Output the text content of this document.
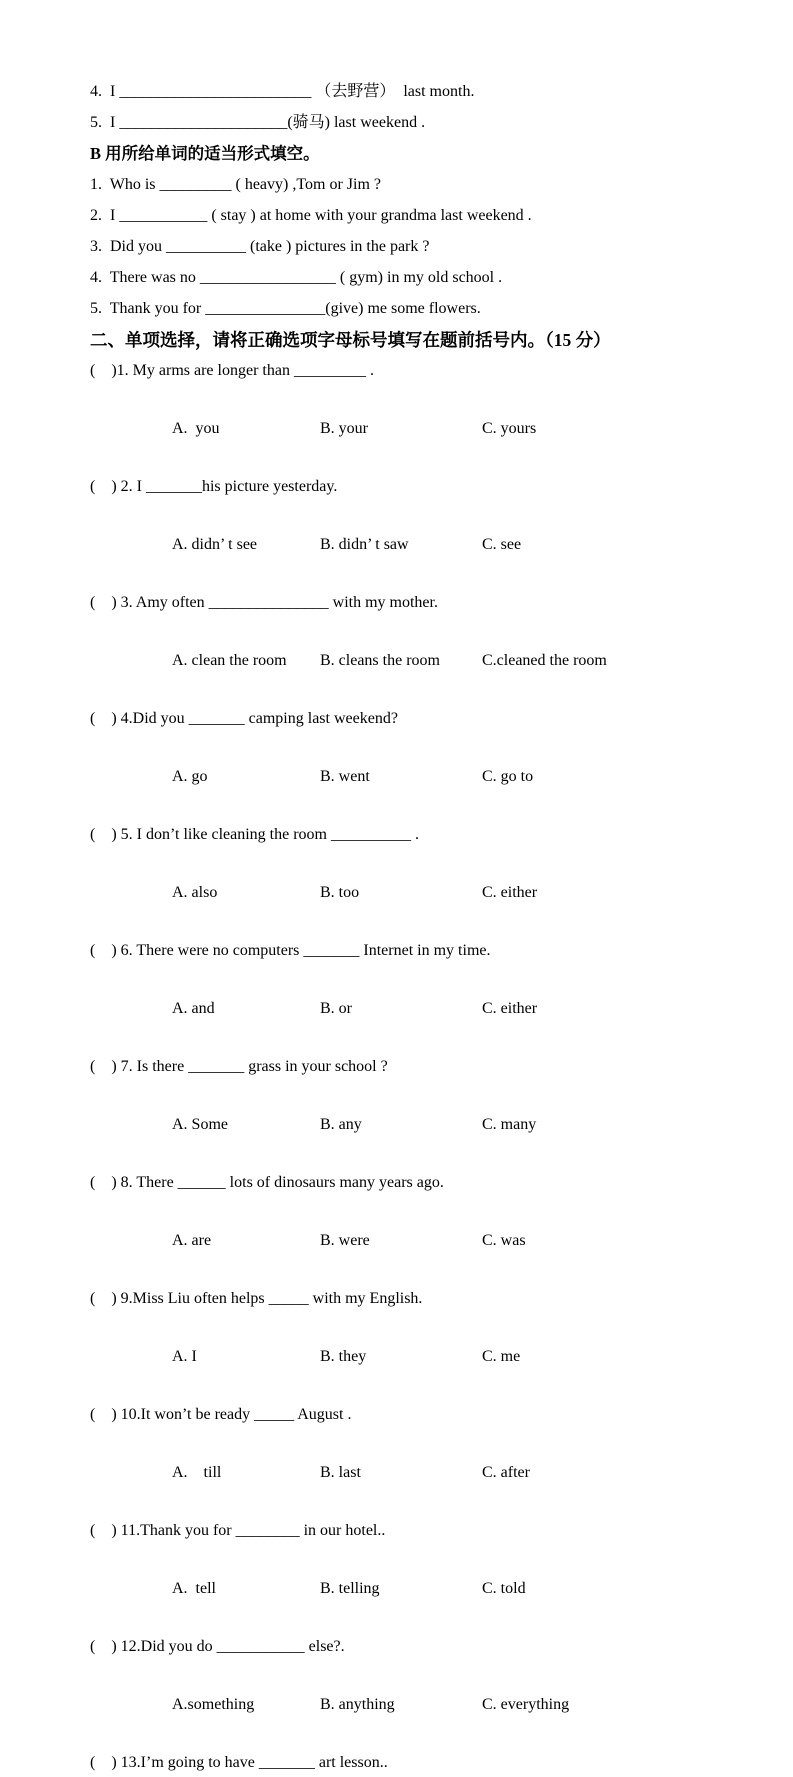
4.  I ________________________ （去野营）  last month.

5.  I _____________________(骑马) last weekend .

B 用所给单词的适当形式填空。

1.  Who is _________ ( heavy) ,Tom or Jim ?

2.  I ___________ ( stay ) at home with your grandma last weekend .

3.  Did you __________ (take ) pictures in the park ?

4.  There was no _________________ ( gym) in my old school .

5.  Thank you for _______________(give) me some flowers.

二、单项选择，请将正确选项字母标号填写在题前括号内。（15 分）

(    )1. My arms are longer than _________ .

A.  you	B. your	C. yours

(    ) 2. I _______his picture yesterday.

A. didn’ t see	B. didn’ t saw	C. see

(    ) 3. Amy often _______________ with my mother.

A. clean the room B. cleans the room	C.cleaned the room

(    ) 4.Did you _______ camping last weekend?

A. go	B. went	C. go to

(    ) 5. I don’t like cleaning the room __________ .

A. also	B. too	C. either

(    ) 6. There were no computers _______ Internet in my time.

A. and	B. or	C. either

(    ) 7. Is there _______ grass in your school ?

A. Some	B. any	C. many

(    ) 8. There ______ lots of dinosaurs many years ago.

A. are	B. were	C. was

(    ) 9.Miss Liu often helps _____ with my English.

A. I	B. they	C. me

(    ) 10.It won’t be ready _____ August .

A.    till	B. last	C. after

(    ) 11.Thank you for ________ in our hotel..

A.  tell	B. telling	C. told

(    ) 12.Did you do ___________ else?.

A.something	B. anything	C. everything

(    ) 13.I’m going to have _______ art lesson..
